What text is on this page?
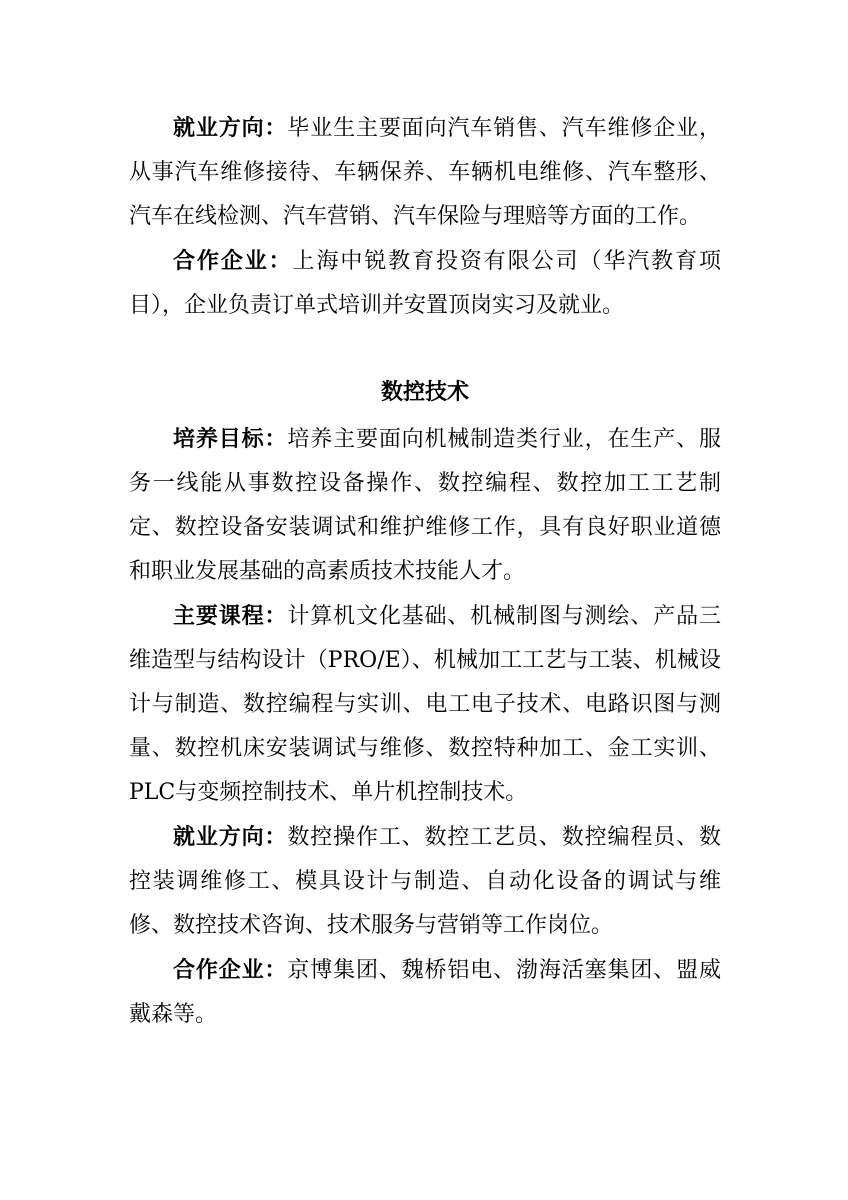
就业方向：毕业生主要面向汽车销售、汽车维修企业，从事汽车维修接待、车辆保养、车辆机电维修、汽车整形、汽车在线检测、汽车营销、汽车保险与理赔等方面的工作。

合作企业：上海中锐教育投资有限公司（华汽教育项目），企业负责订单式培训并安置顶岗实习及就业。

数控技术

培养目标：培养主要面向机械制造类行业，在生产、服务一线能从事数控设备操作、数控编程、数控加工工艺制定、数控设备安装调试和维护维修工作，具有良好职业道德和职业发展基础的高素质技术技能人才。

主要课程：计算机文化基础、机械制图与测绘、产品三维造型与结构设计（PRO/E）、机械加工工艺与工装、机械设计与制造、数控编程与实训、电工电子技术、电路识图与测量、数控机床安装调试与维修、数控特种加工、金工实训、PLC与变频控制技术、单片机控制技术。

就业方向：数控操作工、数控工艺员、数控编程员、数控装调维修工、模具设计与制造、自动化设备的调试与维修、数控技术咨询、技术服务与营销等工作岗位。

合作企业：京博集团、魏桥铝电、渤海活塞集团、盟威戴森等。
